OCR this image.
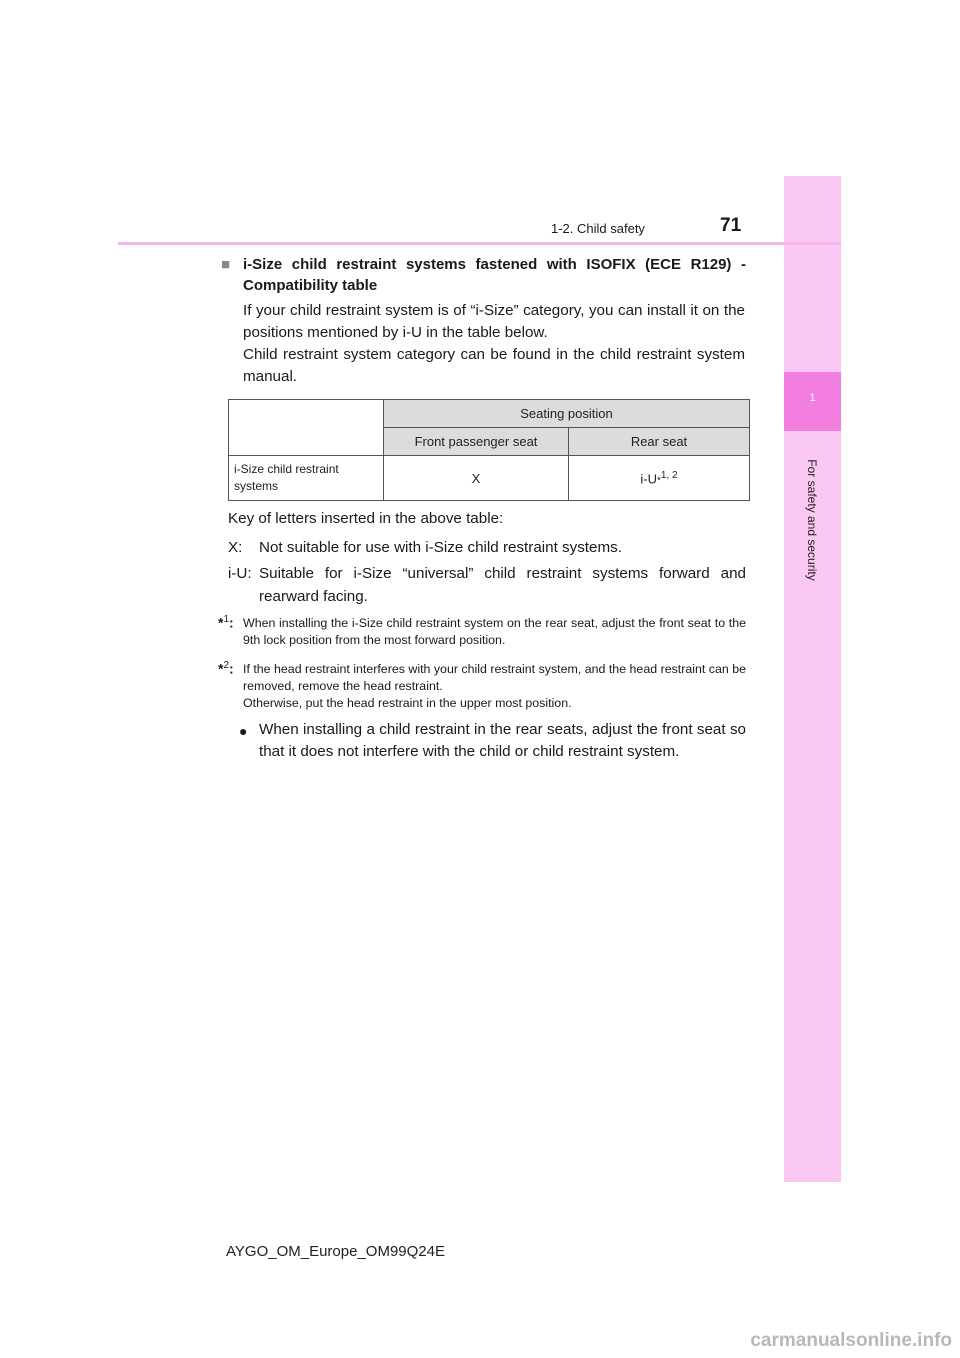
1
For safety and security
1-2. Child safety	71
■ i-Size child restraint systems fastened with ISOFIX (ECE R129) - Compatibility table
If your child restraint system is of “i-Size” category, you can install it on the positions mentioned by i-U in the table below.
Child restraint system category can be found in the child restraint system manual.
	Seating position	
	Front passenger seat	Rear seat
i-Size child restraint systems	X	i-U*$^{1, 2}$
Key of letters inserted in the above table:
X: Not suitable for use with i-Size child restraint systems.
i-U: Suitable for i-Size “universal” child restraint systems forward and rearward facing.
*$^1$: When installing the i-Size child restraint system on the rear seat, adjust the front seat to the 9th lock position from the most forward position.
*$^2$: If the head restraint interferes with your child restraint system, and the head restraint can be removed, remove the head restraint.
Otherwise, put the head restraint in the upper most position.
● When installing a child restraint in the rear seats, adjust the front seat so that it does not interfere with the child or child restraint system.
AYGO_OM_Europe_OM99Q24E
carmanualsonline.info
